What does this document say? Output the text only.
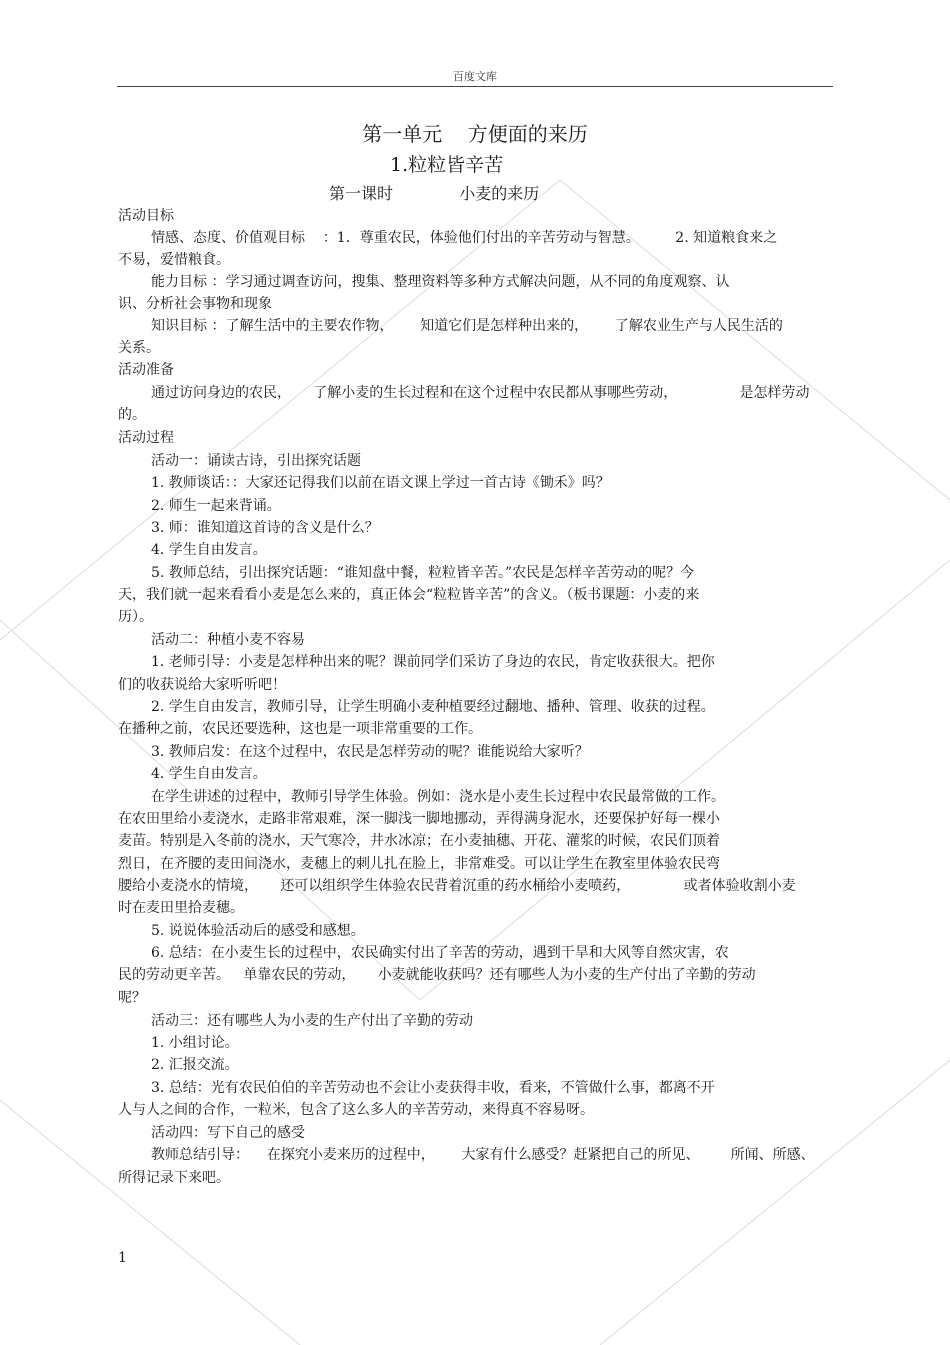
百度文库
第一单元    方便面的来历
1.粒粒皆辛苦
第一课时	小麦的来历
活动目标
情感、态度、价值观目标    ：1．尊重农民，体验他们付出的辛苦劳动与智慧。        2. 知道粮食来之
不易，爱惜粮食。
能力目标 ：学习通过调查访问，搜集、整理资料等多种方式解决问题，从不同的角度观察、认
识、分析社会事物和现象
知识目标 ：了解生活中的主要农作物，      知道它们是怎样种出来的，      了解农业生产与人民生活的
关系。
活动准备
通过访问身边的农民，     了解小麦的生长过程和在这个过程中农民都从事哪些劳动，              是怎样劳动
的。
活动过程
活动一：诵读古诗，引出探究话题
1. 教师谈话：：大家还记得我们以前在语文课上学过一首古诗《锄禾》吗？
2. 师生一起来背诵。
3. 师：谁知道这首诗的含义是什么？
4. 学生自由发言。
5. 教师总结，引出探究话题：“谁知盘中餐，粒粒皆辛苦。”农民是怎样辛苦劳动的呢？今
天，我们就一起来看看小麦是怎么来的，真正体会“粒粒皆辛苦”的含义。（板书课题：小麦的来
历）。
活动二：种植小麦不容易
1. 老师引导：小麦是怎样种出来的呢？课前同学们采访了身边的农民，肯定收获很大。把你
们的收获说给大家听听吧！
2. 学生自由发言，教师引导，让学生明确小麦种植要经过翻地、播种、管理、收获的过程。
在播种之前，农民还要选种，这也是一项非常重要的工作。
3. 教师启发：在这个过程中，农民是怎样劳动的呢？谁能说给大家听？
4. 学生自由发言。
在学生讲述的过程中，教师引导学生体验。例如：浇水是小麦生长过程中农民最常做的工作。
在农田里给小麦浇水，走路非常艰难，深一脚浅一脚地挪动，弄得满身泥水，还要保护好每一棵小
麦苗。特别是入冬前的浇水，天气寒冷，井水冰凉；在小麦抽穗、开花、灌浆的时候，农民们顶着
烈日，在齐腰的麦田间浇水，麦穗上的刺儿扎在脸上，非常难受。可以让学生在教室里体验农民弯
腰给小麦浇水的情境，     还可以组织学生体验农民背着沉重的药水桶给小麦喷药，            或者体验收割小麦
时在麦田里拾麦穗。
5. 说说体验活动后的感受和感想。
6. 总结：在小麦生长的过程中，农民确实付出了辛苦的劳动，遇到干旱和大风等自然灾害，农
民的劳动更辛苦。   单靠农民的劳动，     小麦就能收获吗？还有哪些人为小麦的生产付出了辛勤的劳动
呢？
活动三：还有哪些人为小麦的生产付出了辛勤的劳动
1. 小组讨论。
2. 汇报交流。
3. 总结：光有农民伯伯的辛苦劳动也不会让小麦获得丰收，看来，不管做什么事，都离不开
人与人之间的合作，一粒米，包含了这么多人的辛苦劳动，来得真不容易呀。
活动四：写下自己的感受
教师总结引导：    在探究小麦来历的过程中，      大家有什么感受？赶紧把自己的所见、       所闻、所感、
所得记录下来吧。
1
